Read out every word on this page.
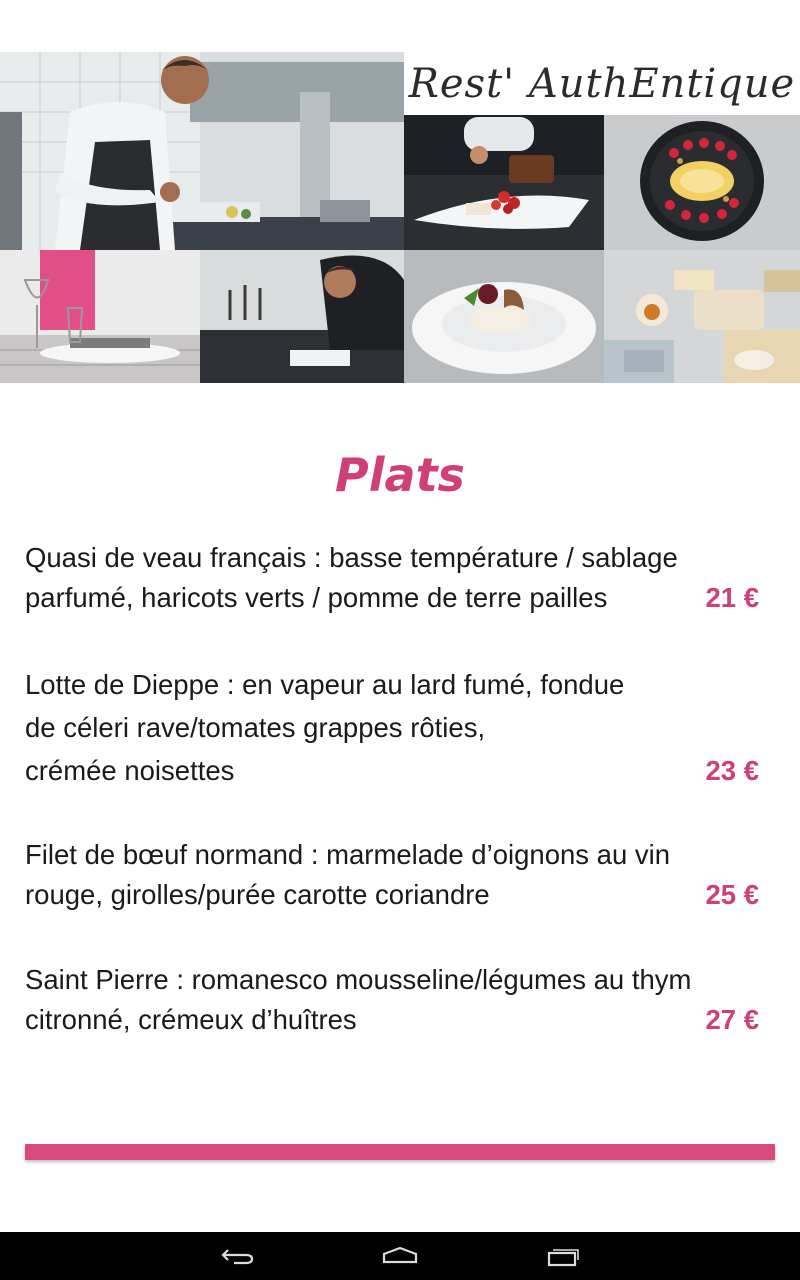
Rest' AuthEntique
Plats
Quasi de veau français : basse température / sablage
parfumé, haricots verts / pomme de terre pailles	21 €
Lotte de Dieppe : en vapeur au lard fumé, fondue
de céleri rave/tomates grappes rôties,
crémée noisettes	23 €
Filet de bœuf normand : marmelade d’oignons au vin
rouge, girolles/purée carotte coriandre	25 €
Saint Pierre : romanesco mousseline/légumes au thym
citronné, crémeux d’huîtres	27 €
